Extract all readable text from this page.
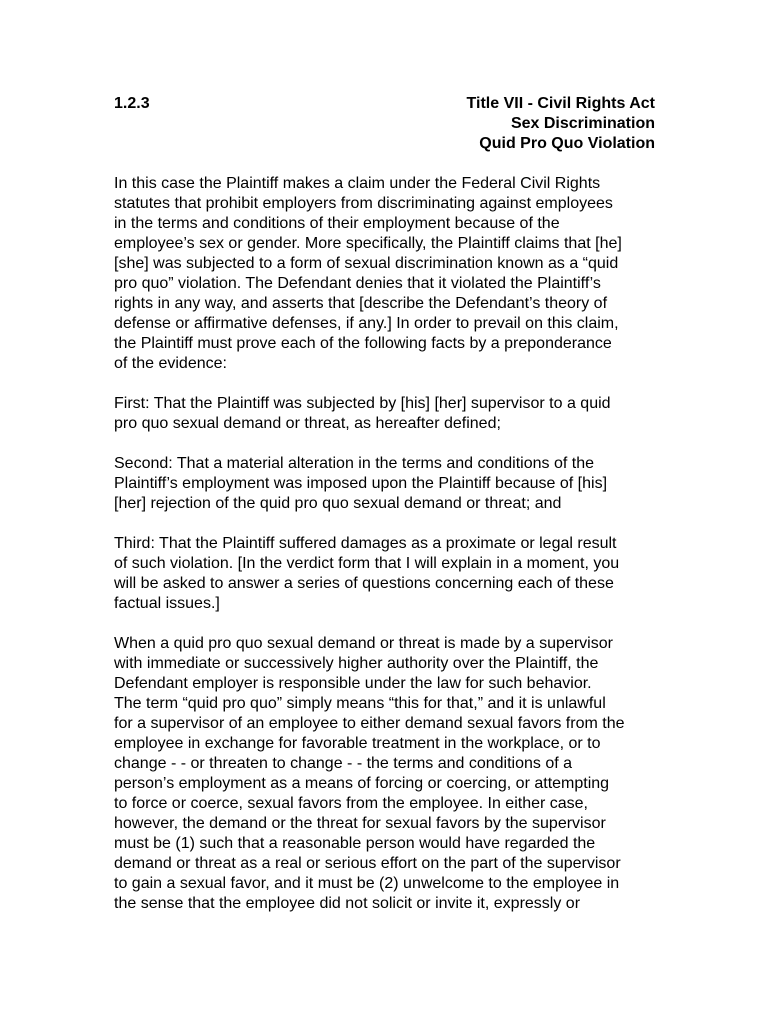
1.2.3	Title VII - Civil Rights Act
Sex Discrimination
Quid Pro Quo Violation
In this case the Plaintiff makes a claim under the Federal Civil Rights
statutes that prohibit employers from discriminating against employees
in the terms and conditions of their employment because of the
employee’s sex or gender. More specifically, the Plaintiff claims that [he]
[she] was subjected to a form of sexual discrimination known as a “quid
pro quo” violation. The Defendant denies that it violated the Plaintiff’s
rights in any way, and asserts that [describe the Defendant’s theory of
defense or affirmative defenses, if any.] In order to prevail on this claim,
the Plaintiff must prove each of the following facts by a preponderance
of the evidence:
First: That the Plaintiff was subjected by [his] [her] supervisor to a quid
pro quo sexual demand or threat, as hereafter defined;
Second: That a material alteration in the terms and conditions of the
Plaintiff’s employment was imposed upon the Plaintiff because of [his]
[her] rejection of the quid pro quo sexual demand or threat; and
Third: That the Plaintiff suffered damages as a proximate or legal result
of such violation. [In the verdict form that I will explain in a moment, you
will be asked to answer a series of questions concerning each of these
factual issues.]
When a quid pro quo sexual demand or threat is made by a supervisor
with immediate or successively higher authority over the Plaintiff, the
Defendant employer is responsible under the law for such behavior.
The term “quid pro quo” simply means “this for that,” and it is unlawful
for a supervisor of an employee to either demand sexual favors from the
employee in exchange for favorable treatment in the workplace, or to
change - - or threaten to change - - the terms and conditions of a
person’s employment as a means of forcing or coercing, or attempting
to force or coerce, sexual favors from the employee. In either case,
however, the demand or the threat for sexual favors by the supervisor
must be (1) such that a reasonable person would have regarded the
demand or threat as a real or serious effort on the part of the supervisor
to gain a sexual favor, and it must be (2) unwelcome to the employee in
the sense that the employee did not solicit or invite it, expressly or
